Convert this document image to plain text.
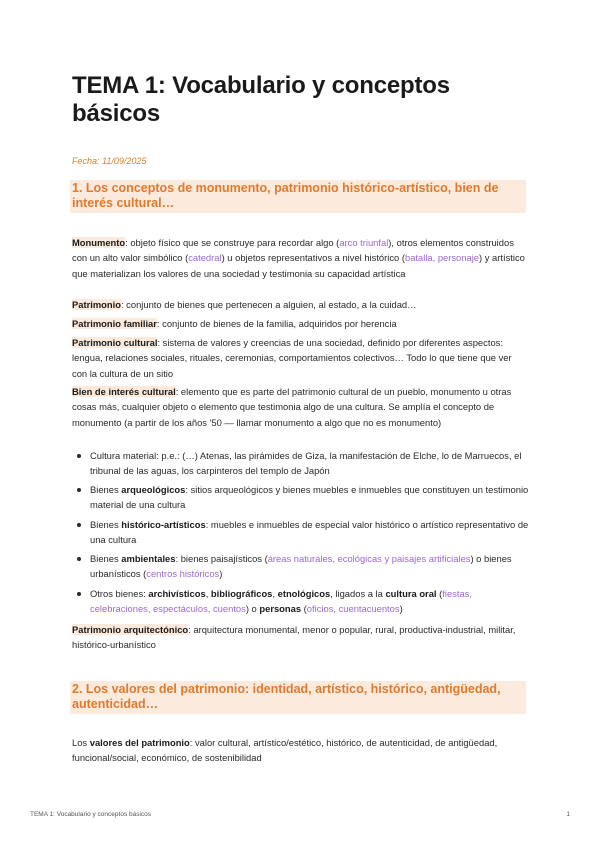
TEMA 1: Vocabulario y conceptos básicos
Fecha: 11/09/2025
1. Los conceptos de monumento, patrimonio histórico-artístico, bien de interés cultural…
Monumento: objeto físico que se construye para recordar algo (arco triunfal), otros elementos construidos con un alto valor simbólico (catedral) u objetos representativos a nivel histórico (batalla, personaje) y artístico que materializan los valores de una sociedad y testimonia su capacidad artística
Patrimonio: conjunto de bienes que pertenecen a alguien, al estado, a la cuidad…
Patrimonio familiar: conjunto de bienes de la familia, adquiridos por herencia
Patrimonio cultural: sistema de valores y creencias de una sociedad, definido por diferentes aspectos: lengua, relaciones sociales, rituales, ceremonias, comportamientos colectivos… Todo lo que tiene que ver con la cultura de un sitio
Bien de interés cultural: elemento que es parte del patrimonio cultural de un pueblo, monumento u otras cosas más, cualquier objeto o elemento que testimonia algo de una cultura. Se amplía el concepto de monumento (a partir de los años '50 — llamar monumento a algo que no es monumento)
Cultura material: p.e.: (…) Atenas, las pirámides de Giza, la manifestación de Elche, lo de Marruecos, el tribunal de las aguas, los carpinteros del templo de Japón
Bienes arqueológicos: sitios arqueológicos y bienes muebles e inmuebles que constituyen un testimonio material de una cultura
Bienes histórico-artísticos: muebles e inmuebles de especial valor histórico o artístico representativo de una cultura
Bienes ambientales: bienes paisajísticos (áreas naturales, ecológicas y paisajes artificiales) o bienes urbanísticos (centros históricos)
Otros bienes: archivísticos, bibliográficos, etnológicos, ligados a la cultura oral (fiestas, celebraciones, espectáculos, cuentos) o personas (oficios, cuentacuentos)
Patrimonio arquitectónico: arquitectura monumental, menor o popular, rural, productiva-industrial, militar, histórico-urbanístico
2. Los valores del patrimonio: identidad, artístico, histórico, antigüedad, autenticidad…
Los valores del patrimonio: valor cultural, artístico/estético, histórico, de autenticidad, de antigüedad, funcional/social, económico, de sostenibilidad
TEMA 1: Vocabulario y conceptos básicos	1
